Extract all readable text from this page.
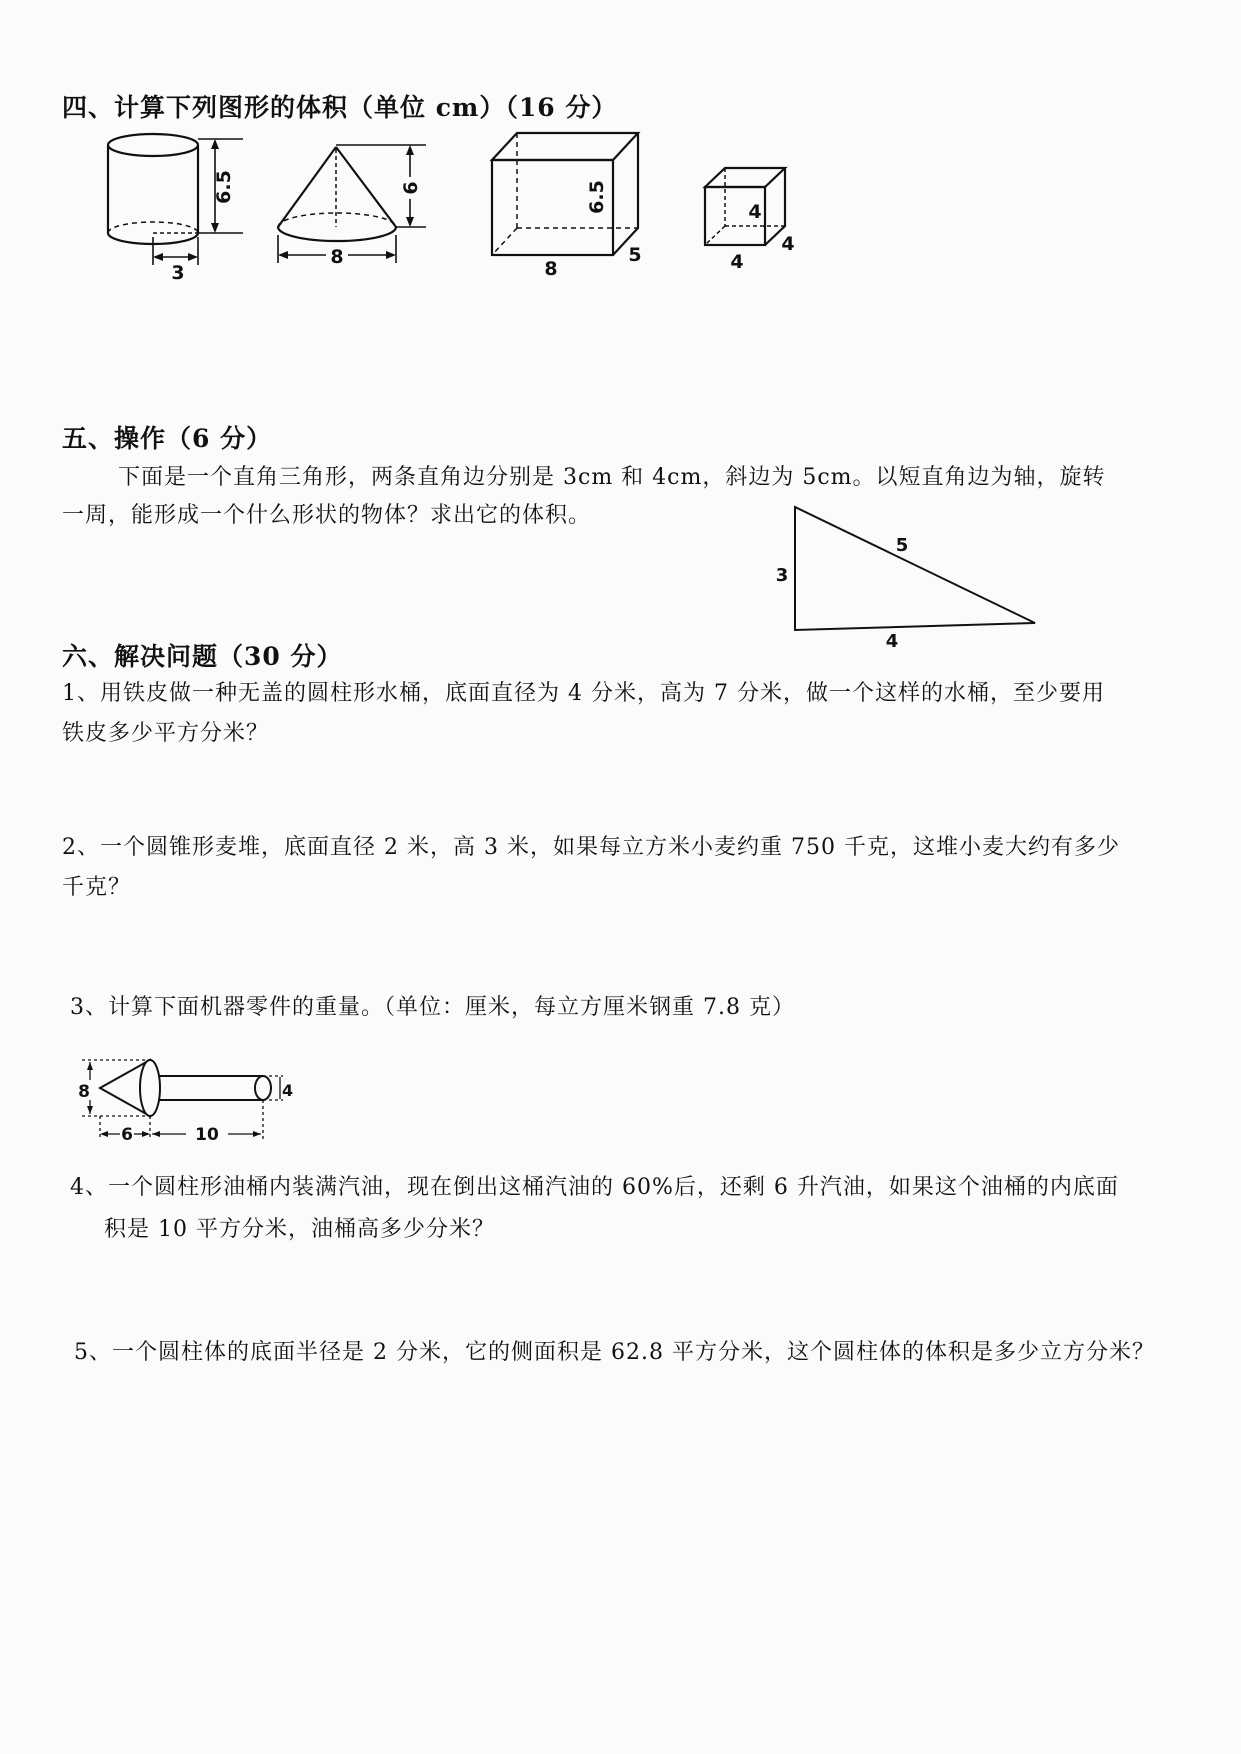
四、计算下列图形的体积（单位 cm）（16 分）
3
6.5
8
6
8
6.5
5	4
4
4
五、操作（6 分）
下面是一个直角三角形，两条直角边分别是 3cm 和 4cm，斜边为 5cm。以短直角边为轴，旋转
一周，能形成一个什么形状的物体？求出它的体积。
3
5
4
六、解决问题（30 分）
1、用铁皮做一种无盖的圆柱形水桶，底面直径为 4 分米，高为 7 分米，做一个这样的水桶，至少要用
铁皮多少平方分米？
2、一个圆锥形麦堆，底面直径 2 米，高 3 米，如果每立方米小麦约重 750 千克，这堆小麦大约有多少
千克？
3、计算下面机器零件的重量。（单位：厘米，每立方厘米钢重 7.8 克）
4
8
6	10
4、一个圆柱形油桶内装满汽油，现在倒出这桶汽油的 60%后，还剩 6 升汽油，如果这个油桶的内底面
积是 10 平方分米，油桶高多少分米？
5、一个圆柱体的底面半径是 2 分米，它的侧面积是 62.8 平方分米，这个圆柱体的体积是多少立方分米？
